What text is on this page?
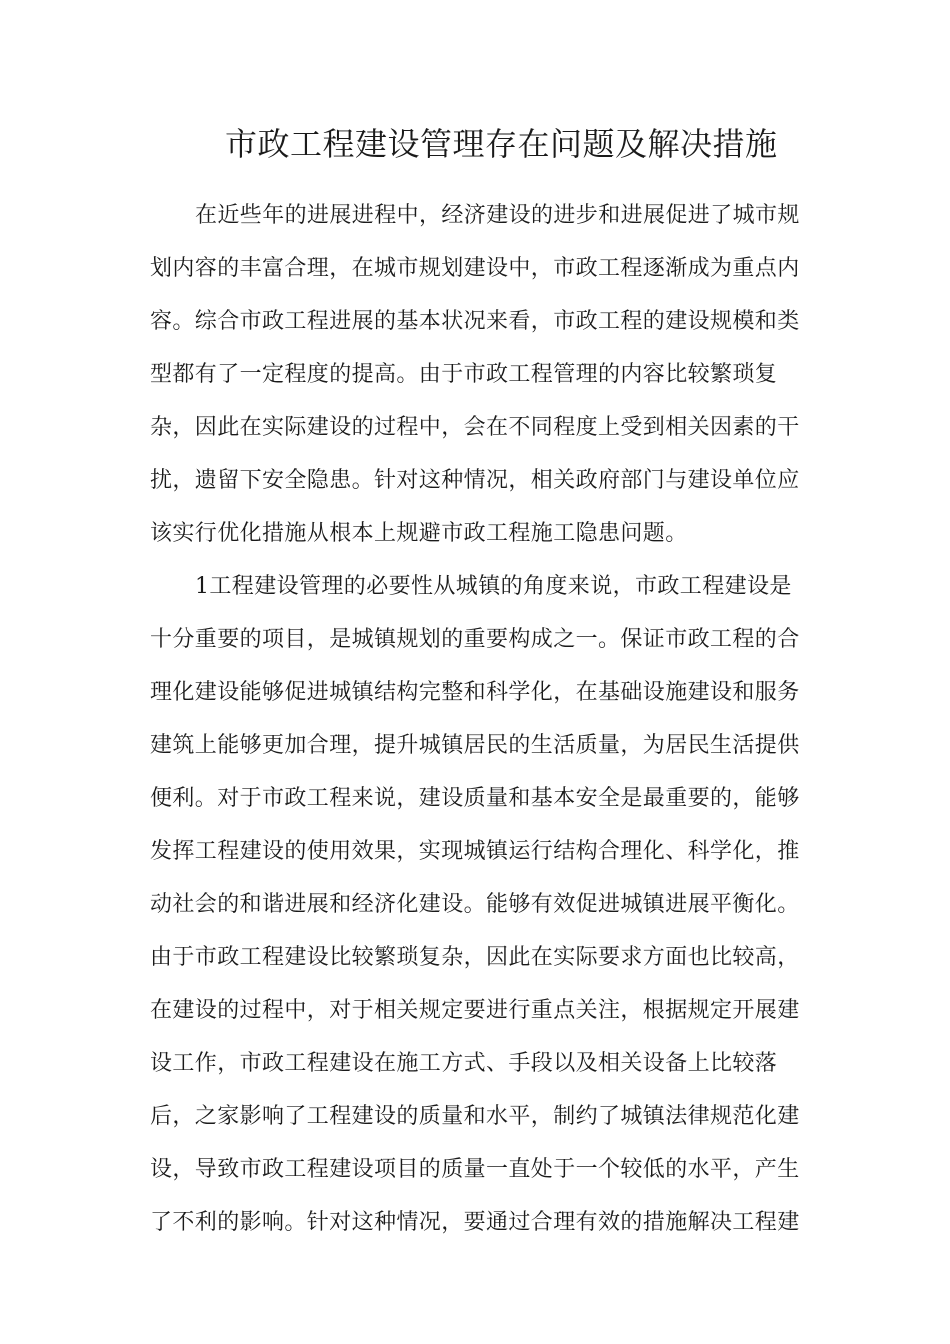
市政工程建设管理存在问题及解决措施
在近些年的进展进程中，经济建设的进步和进展促进了城市规
划内容的丰富合理，在城市规划建设中，市政工程逐渐成为重点内
容。综合市政工程进展的基本状况来看，市政工程的建设规模和类
型都有了一定程度的提高。由于市政工程管理的内容比较繁琐复
杂，因此在实际建设的过程中，会在不同程度上受到相关因素的干
扰，遗留下安全隐患。针对这种情况，相关政府部门与建设单位应
该实行优化措施从根本上规避市政工程施工隐患问题。
1工程建设管理的必要性从城镇的角度来说，市政工程建设是
十分重要的项目，是城镇规划的重要构成之一。保证市政工程的合
理化建设能够促进城镇结构完整和科学化，在基础设施建设和服务
建筑上能够更加合理，提升城镇居民的生活质量，为居民生活提供
便利。对于市政工程来说，建设质量和基本安全是最重要的，能够
发挥工程建设的使用效果，实现城镇运行结构合理化、科学化，推
动社会的和谐进展和经济化建设。能够有效促进城镇进展平衡化。
由于市政工程建设比较繁琐复杂，因此在实际要求方面也比较高，
在建设的过程中，对于相关规定要进行重点关注，根据规定开展建
设工作，市政工程建设在施工方式、手段以及相关设备上比较落
后，之家影响了工程建设的质量和水平，制约了城镇法律规范化建
设，导致市政工程建设项目的质量一直处于一个较低的水平，产生
了不利的影响。针对这种情况，要通过合理有效的措施解决工程建
